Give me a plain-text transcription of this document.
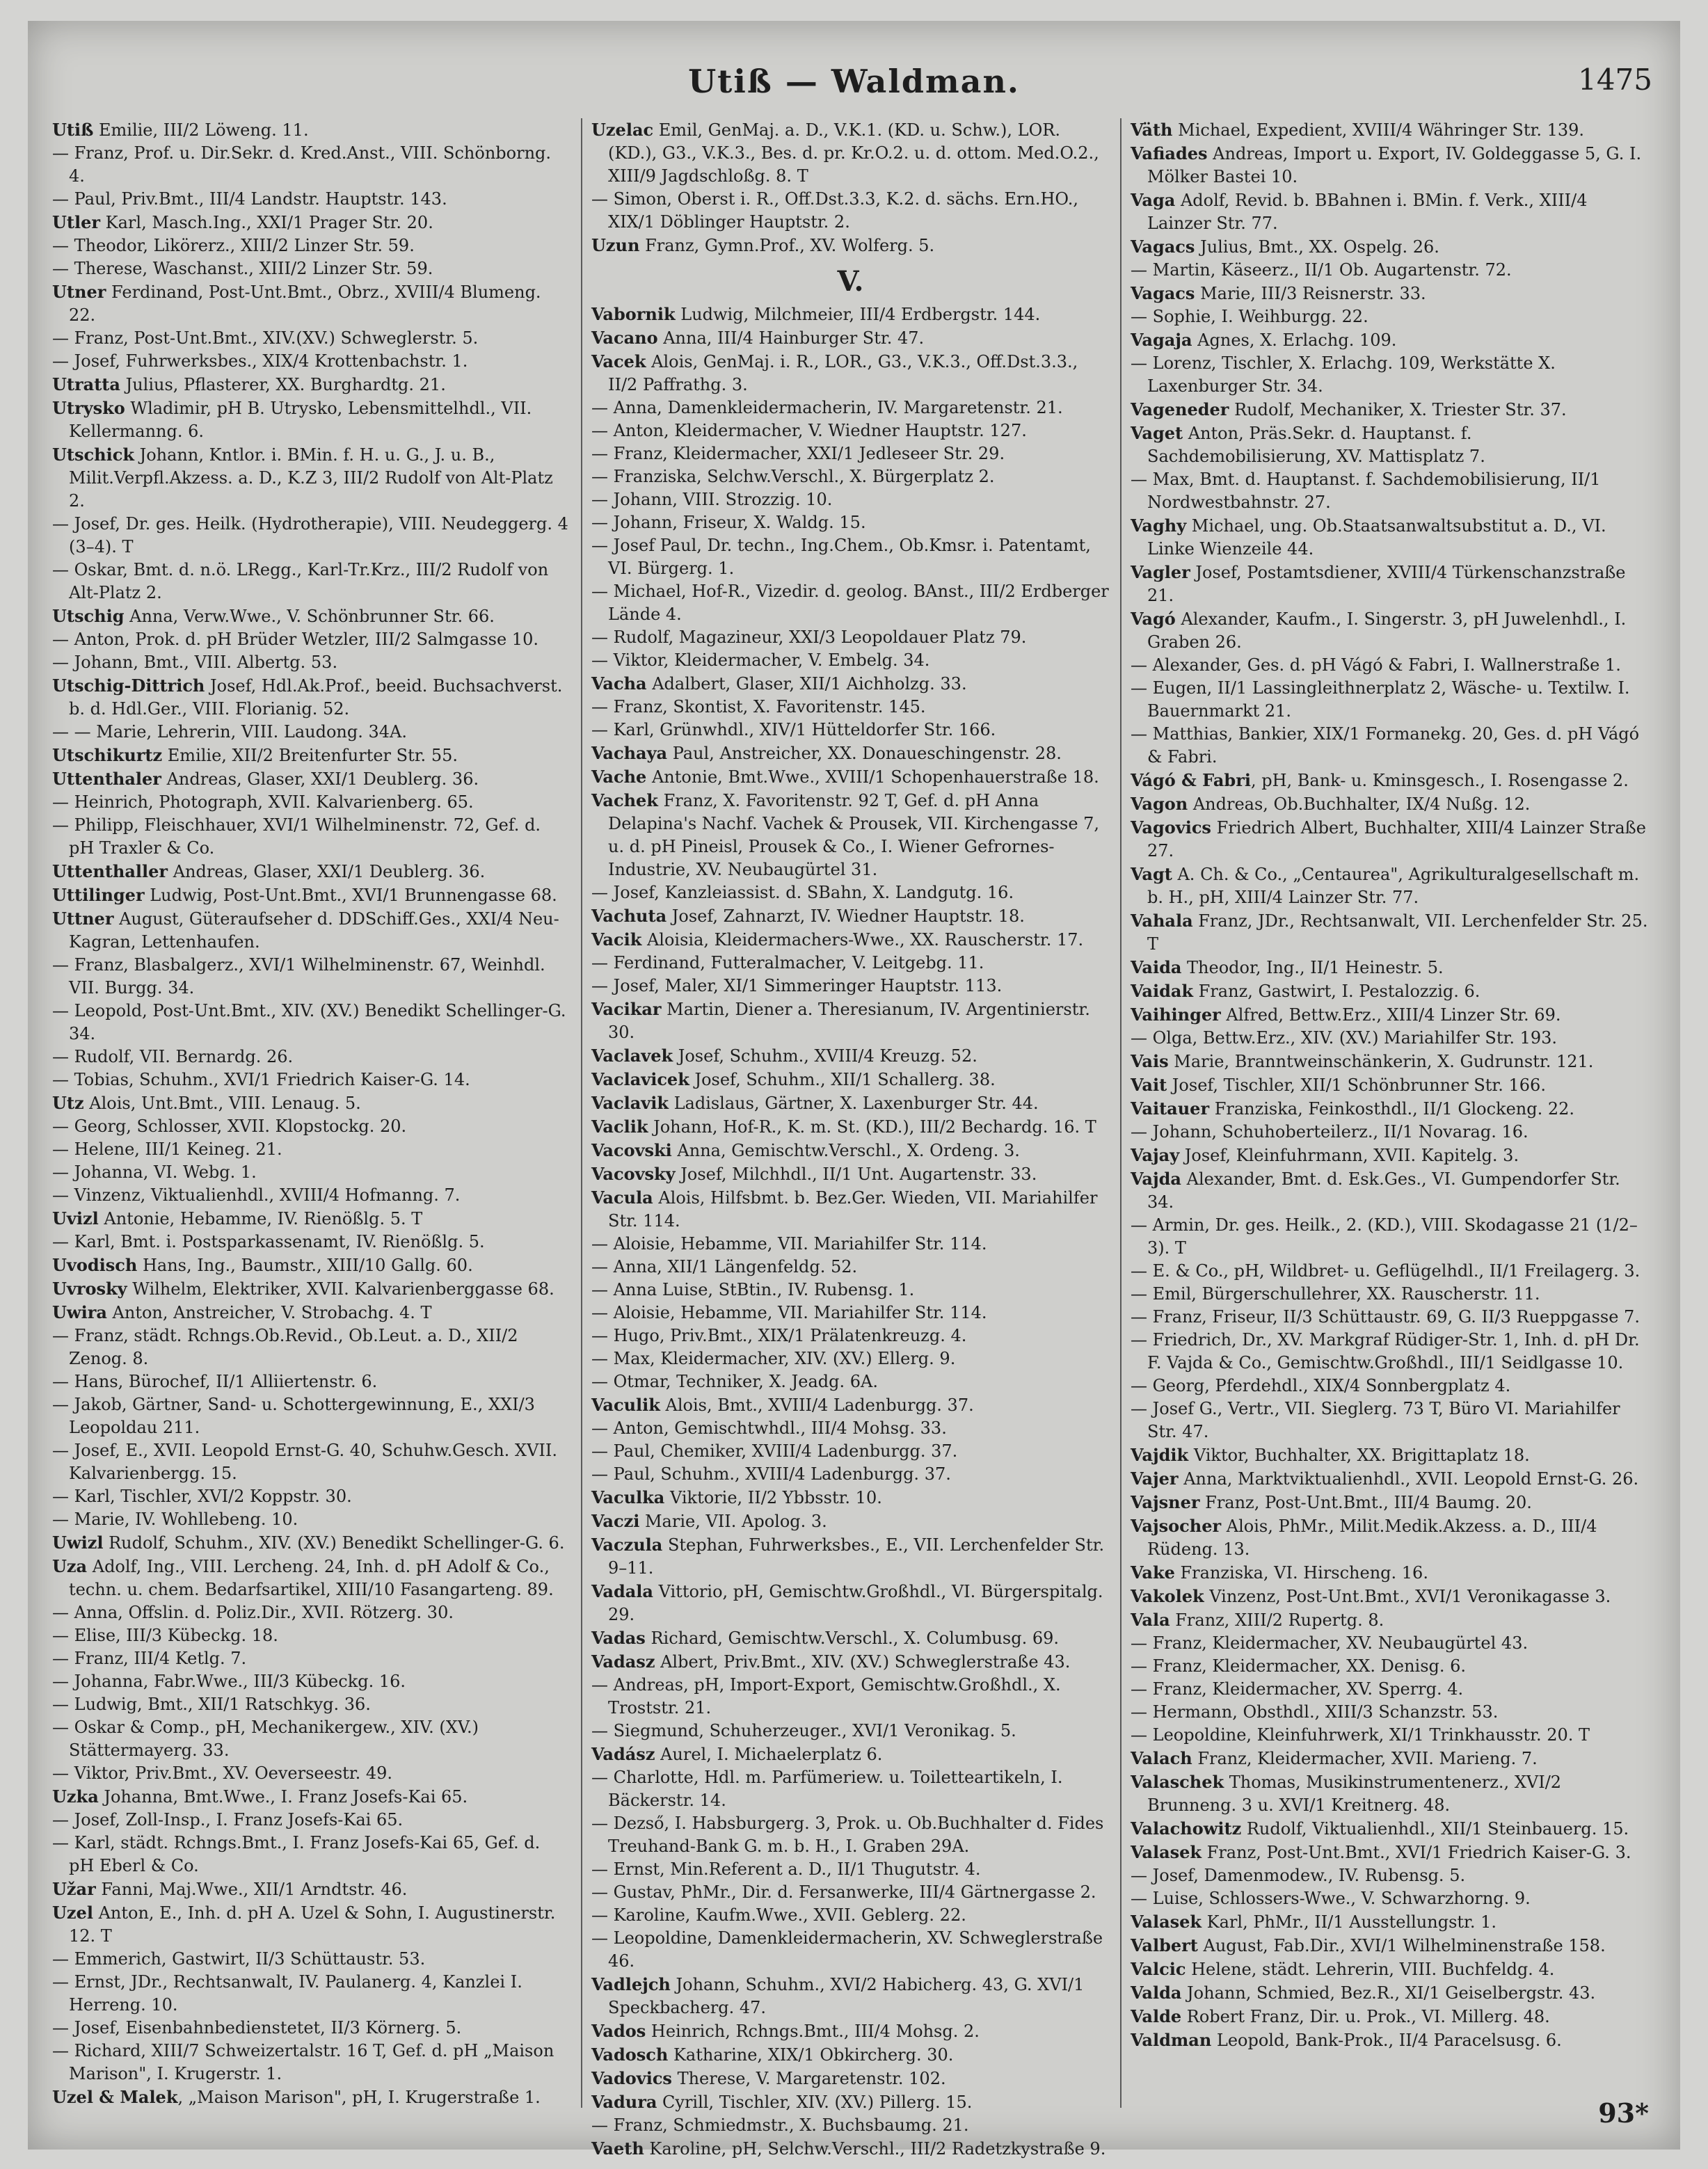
Utiß — Waldman.	1475

Utiß Emilie, III/2 Löweng. 11.

— Franz, Prof. u. Dir.Sekr. d. Kred.Anst., VIII. Schönborng. 4.

— Paul, Priv.Bmt., III/4 Landstr. Hauptstr. 143.

Utler Karl, Masch.Ing., XXI/1 Prager Str. 20.

— Theodor, Likörerz., XIII/2 Linzer Str. 59.

— Therese, Waschanst., XIII/2 Linzer Str. 59.

Utner Ferdinand, Post-Unt.Bmt., Obrz., XVIII/4 Blumeng. 22.

— Franz, Post-Unt.Bmt., XIV.(XV.) Schweglerstr. 5.

— Josef, Fuhrwerksbes., XIX/4 Krottenbachstr. 1.

Utratta Julius, Pflasterer, XX. Burghardtg. 21.

Utrysko Wladimir, pH B. Utrysko, Lebensmittelhdl., VII. Kellermanng. 6.

Utschick Johann, Kntlor. i. BMin. f. H. u. G., J. u. B., Milit.Verpfl.Akzess. a. D., K.Z 3, III/2 Rudolf von Alt-Platz 2.

— Josef, Dr. ges. Heilk. (Hydrotherapie), VIII. Neudeggerg. 4 (3–4). T

— Oskar, Bmt. d. n.ö. LRegg., Karl-Tr.Krz., III/2 Rudolf von Alt-Platz 2.

Utschig Anna, Verw.Wwe., V. Schönbrunner Str. 66.

— Anton, Prok. d. pH Brüder Wetzler, III/2 Salmgasse 10.

— Johann, Bmt., VIII. Albertg. 53.

Utschig-Dittrich Josef, Hdl.Ak.Prof., beeid. Buchsachverst. b. d. Hdl.Ger., VIII. Florianig. 52.

— — Marie, Lehrerin, VIII. Laudong. 34A.

Utschikurtz Emilie, XII/2 Breitenfurter Str. 55.

Uttenthaler Andreas, Glaser, XXI/1 Deublerg. 36.

— Heinrich, Photograph, XVII. Kalvarienberg. 65.

— Philipp, Fleischhauer, XVI/1 Wilhelminenstr. 72, Gef. d. pH Traxler & Co.

Uttenthaller Andreas, Glaser, XXI/1 Deublerg. 36.

Uttilinger Ludwig, Post-Unt.Bmt., XVI/1 Brunnengasse 68.

Uttner August, Güteraufseher d. DDSchiff.Ges., XXI/4 Neu-Kagran, Lettenhaufen.

— Franz, Blasbalgerz., XVI/1 Wilhelminenstr. 67, Weinhdl. VII. Burgg. 34.

— Leopold, Post-Unt.Bmt., XIV. (XV.) Benedikt Schellinger-G. 34.

— Rudolf, VII. Bernardg. 26.

— Tobias, Schuhm., XVI/1 Friedrich Kaiser-G. 14.

Utz Alois, Unt.Bmt., VIII. Lenaug. 5.

— Georg, Schlosser, XVII. Klopstockg. 20.

— Helene, III/1 Keineg. 21.

— Johanna, VI. Webg. 1.

— Vinzenz, Viktualienhdl., XVIII/4 Hofmanng. 7.

Uvizl Antonie, Hebamme, IV. Rienößlg. 5. T

— Karl, Bmt. i. Postsparkassenamt, IV. Rienößlg. 5.

Uvodisch Hans, Ing., Baumstr., XIII/10 Gallg. 60.

Uvrosky Wilhelm, Elektriker, XVII. Kalvarienberggasse 68.

Uwira Anton, Anstreicher, V. Strobachg. 4. T

— Franz, städt. Rchngs.Ob.Revid., Ob.Leut. a. D., XII/2 Zenog. 8.

— Hans, Bürochef, II/1 Alliiertenstr. 6.

— Jakob, Gärtner, Sand- u. Schottergewinnung, E., XXI/3 Leopoldau 211.

— Josef, E., XVII. Leopold Ernst-G. 40, Schuhw.Gesch. XVII. Kalvarienbergg. 15.

— Karl, Tischler, XVI/2 Koppstr. 30.

— Marie, IV. Wohllebeng. 10.

Uwizl Rudolf, Schuhm., XIV. (XV.) Benedikt Schellinger-G. 6.

Uza Adolf, Ing., VIII. Lercheng. 24, Inh. d. pH Adolf & Co., techn. u. chem. Bedarfsartikel, XIII/10 Fasangarteng. 89.

— Anna, Offslin. d. Poliz.Dir., XVII. Rötzerg. 30.

— Elise, III/3 Kübeckg. 18.

— Franz, III/4 Ketlg. 7.

— Johanna, Fabr.Wwe., III/3 Kübeckg. 16.

— Ludwig, Bmt., XII/1 Ratschkyg. 36.

— Oskar & Comp., pH, Mechanikergew., XIV. (XV.) Stättermayerg. 33.

— Viktor, Priv.Bmt., XV. Oeverseestr. 49.

Uzka Johanna, Bmt.Wwe., I. Franz Josefs-Kai 65.

— Josef, Zoll-Insp., I. Franz Josefs-Kai 65.

— Karl, städt. Rchngs.Bmt., I. Franz Josefs-Kai 65, Gef. d. pH Eberl & Co.

Užar Fanni, Maj.Wwe., XII/1 Arndtstr. 46.

Uzel Anton, E., Inh. d. pH A. Uzel & Sohn, I. Augustinerstr. 12. T

— Emmerich, Gastwirt, II/3 Schüttaustr. 53.

— Ernst, JDr., Rechtsanwalt, IV. Paulanerg. 4, Kanzlei I. Herreng. 10.

— Josef, Eisenbahnbedienstetet, II/3 Körnerg. 5.

— Richard, XIII/7 Schweizertalstr. 16 T, Gef. d. pH „Maison Marison", I. Krugerstr. 1.

Uzel & Malek, „Maison Marison", pH, I. Krugerstraße 1.

Uzelac Emil, GenMaj. a. D., V.K.1. (KD. u. Schw.), LOR. (KD.), G3., V.K.3., Bes. d. pr. Kr.O.2. u. d. ottom. Med.O.2., XIII/9 Jagdschloßg. 8. T

— Simon, Oberst i. R., Off.Dst.3.3, K.2. d. sächs. Ern.HO., XIX/1 Döblinger Hauptstr. 2.

Uzun Franz, Gymn.Prof., XV. Wolferg. 5.

V.

Vabornik Ludwig, Milchmeier, III/4 Erdbergstr. 144.

Vacano Anna, III/4 Hainburger Str. 47.

Vacek Alois, GenMaj. i. R., LOR., G3., V.K.3., Off.Dst.3.3., II/2 Paffrathg. 3.

— Anna, Damenkleidermacherin, IV. Margaretenstr. 21.

— Anton, Kleidermacher, V. Wiedner Hauptstr. 127.

— Franz, Kleidermacher, XXI/1 Jedleseer Str. 29.

— Franziska, Selchw.Verschl., X. Bürgerplatz 2.

— Johann, VIII. Strozzig. 10.

— Johann, Friseur, X. Waldg. 15.

— Josef Paul, Dr. techn., Ing.Chem., Ob.Kmsr. i. Patentamt, VI. Bürgerg. 1.

— Michael, Hof-R., Vizedir. d. geolog. BAnst., III/2 Erdberger Lände 4.

— Rudolf, Magazineur, XXI/3 Leopoldauer Platz 79.

— Viktor, Kleidermacher, V. Embelg. 34.

Vacha Adalbert, Glaser, XII/1 Aichholzg. 33.

— Franz, Skontist, X. Favoritenstr. 145.

— Karl, Grünwhdl., XIV/1 Hütteldorfer Str. 166.

Vachaya Paul, Anstreicher, XX. Donaueschingenstr. 28.

Vache Antonie, Bmt.Wwe., XVIII/1 Schopenhauerstraße 18.

Vachek Franz, X. Favoritenstr. 92 T, Gef. d. pH Anna Delapina's Nachf. Vachek & Prousek, VII. Kirchengasse 7, u. d. pH Pineisl, Prousek & Co., I. Wiener Gefrornes-Industrie, XV. Neubaugürtel 31.

— Josef, Kanzleiassist. d. SBahn, X. Landgutg. 16.

Vachuta Josef, Zahnarzt, IV. Wiedner Hauptstr. 18.

Vacik Aloisia, Kleidermachers-Wwe., XX. Rauscherstr. 17.

— Ferdinand, Futteralmacher, V. Leitgebg. 11.

— Josef, Maler, XI/1 Simmeringer Hauptstr. 113.

Vacikar Martin, Diener a. Theresianum, IV. Argentinierstr. 30.

Vaclavek Josef, Schuhm., XVIII/4 Kreuzg. 52.

Vaclavicek Josef, Schuhm., XII/1 Schallerg. 38.

Vaclavik Ladislaus, Gärtner, X. Laxenburger Str. 44.

Vaclik Johann, Hof-R., K. m. St. (KD.), III/2 Bechardg. 16. T

Vacovski Anna, Gemischtw.Verschl., X. Ordeng. 3.

Vacovsky Josef, Milchhdl., II/1 Unt. Augartenstr. 33.

Vacula Alois, Hilfsbmt. b. Bez.Ger. Wieden, VII. Mariahilfer Str. 114.

— Aloisie, Hebamme, VII. Mariahilfer Str. 114.

— Anna, XII/1 Längenfeldg. 52.

— Anna Luise, StBtin., IV. Rubensg. 1.

— Aloisie, Hebamme, VII. Mariahilfer Str. 114.

— Hugo, Priv.Bmt., XIX/1 Prälatenkreuzg. 4.

— Max, Kleidermacher, XIV. (XV.) Ellerg. 9.

— Otmar, Techniker, X. Jeadg. 6A.

Vaculik Alois, Bmt., XVIII/4 Ladenburgg. 37.

— Anton, Gemischtwhdl., III/4 Mohsg. 33.

— Paul, Chemiker, XVIII/4 Ladenburgg. 37.

— Paul, Schuhm., XVIII/4 Ladenburgg. 37.

Vaculka Viktorie, II/2 Ybbsstr. 10.

Vaczi Marie, VII. Apolog. 3.

Vaczula Stephan, Fuhrwerksbes., E., VII. Lerchenfelder Str. 9–11.

Vadala Vittorio, pH, Gemischtw.Großhdl., VI. Bürgerspitalg. 29.

Vadas Richard, Gemischtw.Verschl., X. Columbusg. 69.

Vadasz Albert, Priv.Bmt., XIV. (XV.) Schweglerstraße 43.

— Andreas, pH, Import-Export, Gemischtw.Großhdl., X. Troststr. 21.

— Siegmund, Schuherzeuger., XVI/1 Veronikag. 5.

Vadász Aurel, I. Michaelerplatz 6.

— Charlotte, Hdl. m. Parfümeriew. u. Toiletteartikeln, I. Bäckerstr. 14.

— Dezső, I. Habsburgerg. 3, Prok. u. Ob.Buchhalter d. Fides Treuhand-Bank G. m. b. H., I. Graben 29A.

— Ernst, Min.Referent a. D., II/1 Thugutstr. 4.

— Gustav, PhMr., Dir. d. Fersanwerke, III/4 Gärtnergasse 2.

— Karoline, Kaufm.Wwe., XVII. Geblerg. 22.

— Leopoldine, Damenkleidermacherin, XV. Schweglerstraße 46.

Vadlejch Johann, Schuhm., XVI/2 Habicherg. 43, G. XVI/1 Speckbacherg. 47.

Vados Heinrich, Rchngs.Bmt., III/4 Mohsg. 2.

Vadosch Katharine, XIX/1 Obkircherg. 30.

Vadovics Therese, V. Margaretenstr. 102.

Vadura Cyrill, Tischler, XIV. (XV.) Pillerg. 15.

— Franz, Schmiedmstr., X. Buchsbaumg. 21.

Vaeth Karoline, pH, Selchw.Verschl., III/2 Radetzkystraße 9.

Väth Michael, Expedient, XVIII/4 Währinger Str. 139.

Vafiades Andreas, Import u. Export, IV. Goldeggasse 5, G. I. Mölker Bastei 10.

Vaga Adolf, Revid. b. BBahnen i. BMin. f. Verk., XIII/4 Lainzer Str. 77.

Vagacs Julius, Bmt., XX. Ospelg. 26.

— Martin, Käseerz., II/1 Ob. Augartenstr. 72.

Vagacs Marie, III/3 Reisnerstr. 33.

— Sophie, I. Weihburgg. 22.

Vagaja Agnes, X. Erlachg. 109.

— Lorenz, Tischler, X. Erlachg. 109, Werkstätte X. Laxenburger Str. 34.

Vageneder Rudolf, Mechaniker, X. Triester Str. 37.

Vaget Anton, Präs.Sekr. d. Hauptanst. f. Sachdemobilisierung, XV. Mattisplatz 7.

— Max, Bmt. d. Hauptanst. f. Sachdemobilisierung, II/1 Nordwestbahnstr. 27.

Vaghy Michael, ung. Ob.Staatsanwaltsubstitut a. D., VI. Linke Wienzeile 44.

Vagler Josef, Postamtsdiener, XVIII/4 Türkenschanzstraße 21.

Vagó Alexander, Kaufm., I. Singerstr. 3, pH Juwelenhdl., I. Graben 26.

— Alexander, Ges. d. pH Vágó & Fabri, I. Wallnerstraße 1.

— Eugen, II/1 Lassingleithnerplatz 2, Wäsche- u. Textilw. I. Bauernmarkt 21.

— Matthias, Bankier, XIX/1 Formanekg. 20, Ges. d. pH Vágó & Fabri.

Vágó & Fabri, pH, Bank- u. Kminsgesch., I. Rosengasse 2.

Vagon Andreas, Ob.Buchhalter, IX/4 Nußg. 12.

Vagovics Friedrich Albert, Buchhalter, XIII/4 Lainzer Straße 27.

Vagt A. Ch. & Co., „Centaurea", Agrikulturalgesellschaft m. b. H., pH, XIII/4 Lainzer Str. 77.

Vahala Franz, JDr., Rechtsanwalt, VII. Lerchenfelder Str. 25. T

Vaida Theodor, Ing., II/1 Heinestr. 5.

Vaidak Franz, Gastwirt, I. Pestalozzig. 6.

Vaihinger Alfred, Bettw.Erz., XIII/4 Linzer Str. 69.

— Olga, Bettw.Erz., XIV. (XV.) Mariahilfer Str. 193.

Vais Marie, Branntweinschänkerin, X. Gudrunstr. 121.

Vait Josef, Tischler, XII/1 Schönbrunner Str. 166.

Vaitauer Franziska, Feinkosthdl., II/1 Glockeng. 22.

— Johann, Schuhoberteilerz., II/1 Novarag. 16.

Vajay Josef, Kleinfuhrmann, XVII. Kapitelg. 3.

Vajda Alexander, Bmt. d. Esk.Ges., VI. Gumpendorfer Str. 34.

— Armin, Dr. ges. Heilk., 2. (KD.), VIII. Skodagasse 21 (1/2–3). T

— E. & Co., pH, Wildbret- u. Geflügelhdl., II/1 Freilagerg. 3.

— Emil, Bürgerschullehrer, XX. Rauscherstr. 11.

— Franz, Friseur, II/3 Schüttaustr. 69, G. II/3 Rueppgasse 7.

— Friedrich, Dr., XV. Markgraf Rüdiger-Str. 1, Inh. d. pH Dr. F. Vajda & Co., Gemischtw.Großhdl., III/1 Seidlgasse 10.

— Georg, Pferdehdl., XIX/4 Sonnbergplatz 4.

— Josef G., Vertr., VII. Sieglerg. 73 T, Büro VI. Mariahilfer Str. 47.

Vajdik Viktor, Buchhalter, XX. Brigittaplatz 18.

Vajer Anna, Marktviktualienhdl., XVII. Leopold Ernst-G. 26.

Vajsner Franz, Post-Unt.Bmt., III/4 Baumg. 20.

Vajsocher Alois, PhMr., Milit.Medik.Akzess. a. D., III/4 Rüdeng. 13.

Vake Franziska, VI. Hirscheng. 16.

Vakolek Vinzenz, Post-Unt.Bmt., XVI/1 Veronikagasse 3.

Vala Franz, XIII/2 Rupertg. 8.

— Franz, Kleidermacher, XV. Neubaugürtel 43.

— Franz, Kleidermacher, XX. Denisg. 6.

— Franz, Kleidermacher, XV. Sperrg. 4.

— Hermann, Obsthdl., XIII/3 Schanzstr. 53.

— Leopoldine, Kleinfuhrwerk, XI/1 Trinkhausstr. 20. T

Valach Franz, Kleidermacher, XVII. Marieng. 7.

Valaschek Thomas, Musikinstrumentenerz., XVI/2 Brunneng. 3 u. XVI/1 Kreitnerg. 48.

Valachowitz Rudolf, Viktualienhdl., XII/1 Steinbauerg. 15.

Valasek Franz, Post-Unt.Bmt., XVI/1 Friedrich Kaiser-G. 3.

— Josef, Damenmodew., IV. Rubensg. 5.

— Luise, Schlossers-Wwe., V. Schwarzhorng. 9.

Valasek Karl, PhMr., II/1 Ausstellungstr. 1.

Valbert August, Fab.Dir., XVI/1 Wilhelminenstraße 158.

Valcic Helene, städt. Lehrerin, VIII. Buchfeldg. 4.

Valda Johann, Schmied, Bez.R., XI/1 Geiselbergstr. 43.

Valde Robert Franz, Dir. u. Prok., VI. Millerg. 48.

Valdman Leopold, Bank-Prok., II/4 Paracelsusg. 6.

93*
